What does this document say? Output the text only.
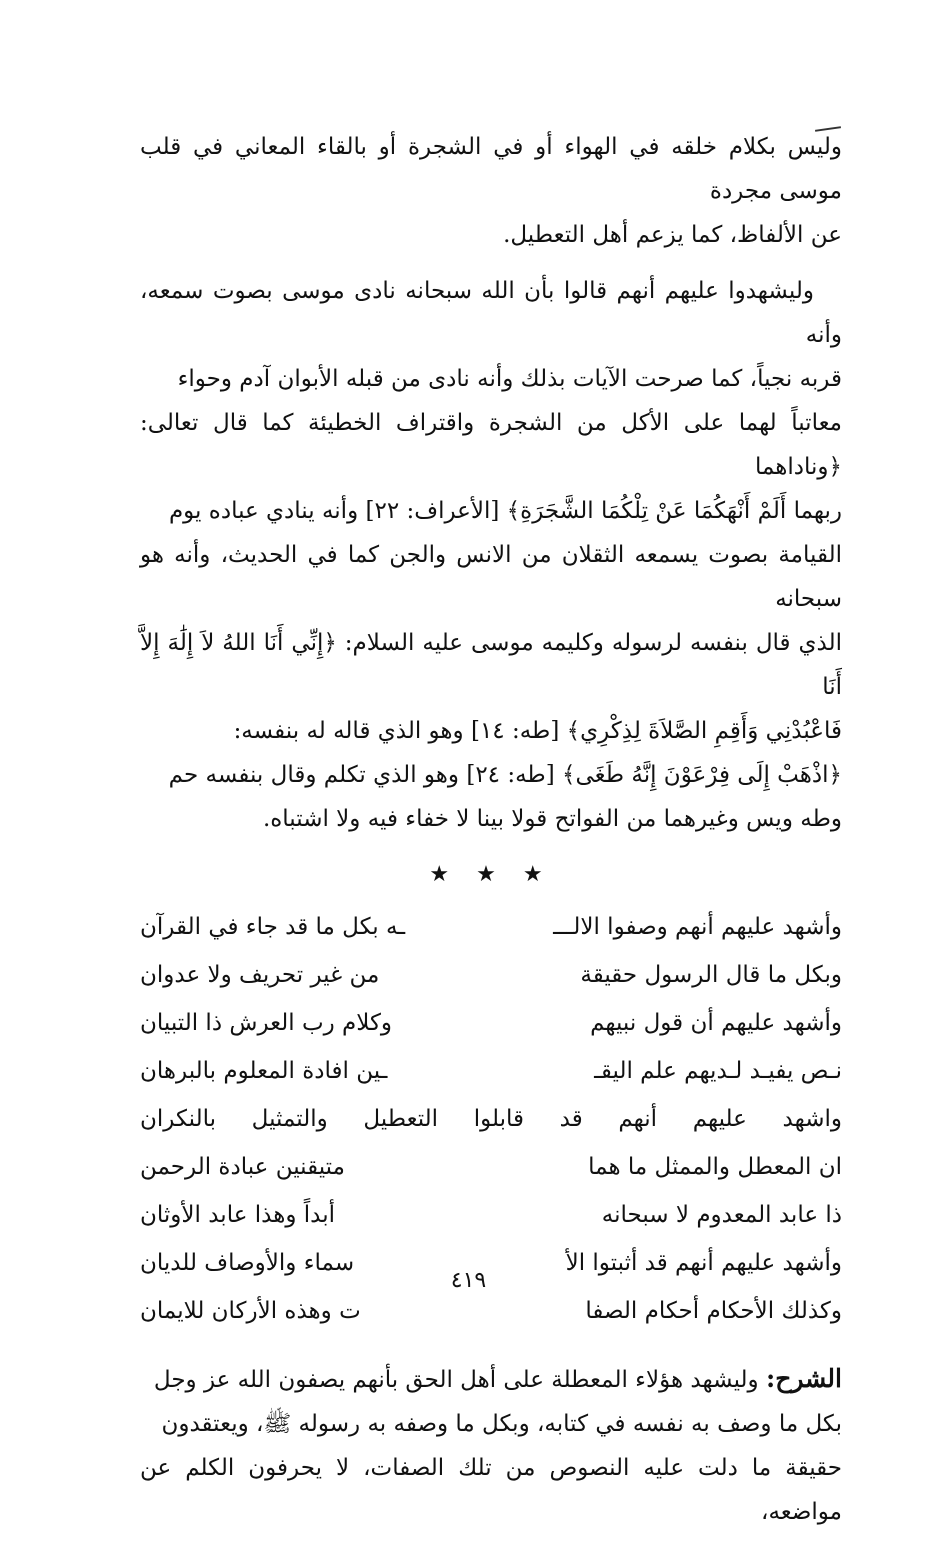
وليس بكلام خلقه في الهواء أو في الشجرة أو بالقاء المعاني في قلب موسى مجردة

عن الألفاظ، كما يزعم أهل التعطيل.

وليشهدوا عليهم أنهم قالوا بأن الله سبحانه نادى موسى بصوت سمعه، وأنه

قربه نجياً، كما صرحت الآيات بذلك وأنه نادى من قبله الأبوان آدم وحواء

معاتباً لهما على الأكل من الشجرة واقتراف الخطيئة كما قال تعالى: ﴿وناداهما

ربهما أَلَمْ أَنْهَكُمَا عَنْ تِلْكُمَا الشَّجَرَةِ﴾ [الأعراف: ٢٢] وأنه ينادي عباده يوم

القيامة بصوت يسمعه الثقلان من الانس والجن كما في الحديث، وأنه هو سبحانه

الذي قال بنفسه لرسوله وكليمه موسى عليه السلام: ﴿إِنِّي أَنَا اللهُ لاَ إِلَٰهَ إِلاَّ أَنَا

فَاعْبُدْنِي وَأَقِمِ الصَّلاَةَ لِذِكْرِي﴾ [طه: ١٤] وهو الذي قاله له بنفسه:

﴿اذْهَبْ إِلَى فِرْعَوْنَ إِنَّهُ طَغَى﴾ [طه: ٢٤] وهو الذي تكلم وقال بنفسه حم

وطه ويس وغيرهما من الفواتح قولا بينا لا خفاء فيه ولا اشتباه.

★ ★ ★
وأشهد عليهم أنهم وصفوا الالـــ
ـه بكل ما قد جاء في القرآن
وبكل ما قال الرسول حقيقة
من غير تحريف ولا عدوان
وأشهد عليهم أن قول نبيهم
وكلام رب العرش ذا التبيان
نـص يفيـد لـديهم علم اليقـ
ـين افادة المعلوم بالبرهان
واشهد عليهم أنهم قد قابلوا التعطيل والتمثيل بالنكران
ان المعطل والممثل ما هما
متيقنين عبادة الرحمن
ذا عابد المعدوم لا سبحانه
أبداً وهذا عابد الأوثان
وأشهد عليهم أنهم قد أثبتوا الأ
سماء والأوصاف للديان
وكذلك الأحكام أحكام الصفا
ت وهذه الأركان للايمان

الشرح: وليشهد هؤلاء المعطلة على أهل الحق بأنهم يصفون الله عز وجل

بكل ما وصف به نفسه في كتابه، وبكل ما وصفه به رسوله ﷺ، ويعتقدون

حقيقة ما دلت عليه النصوص من تلك الصفات، لا يحرفون الكلم عن مواضعه،

٤١٩
